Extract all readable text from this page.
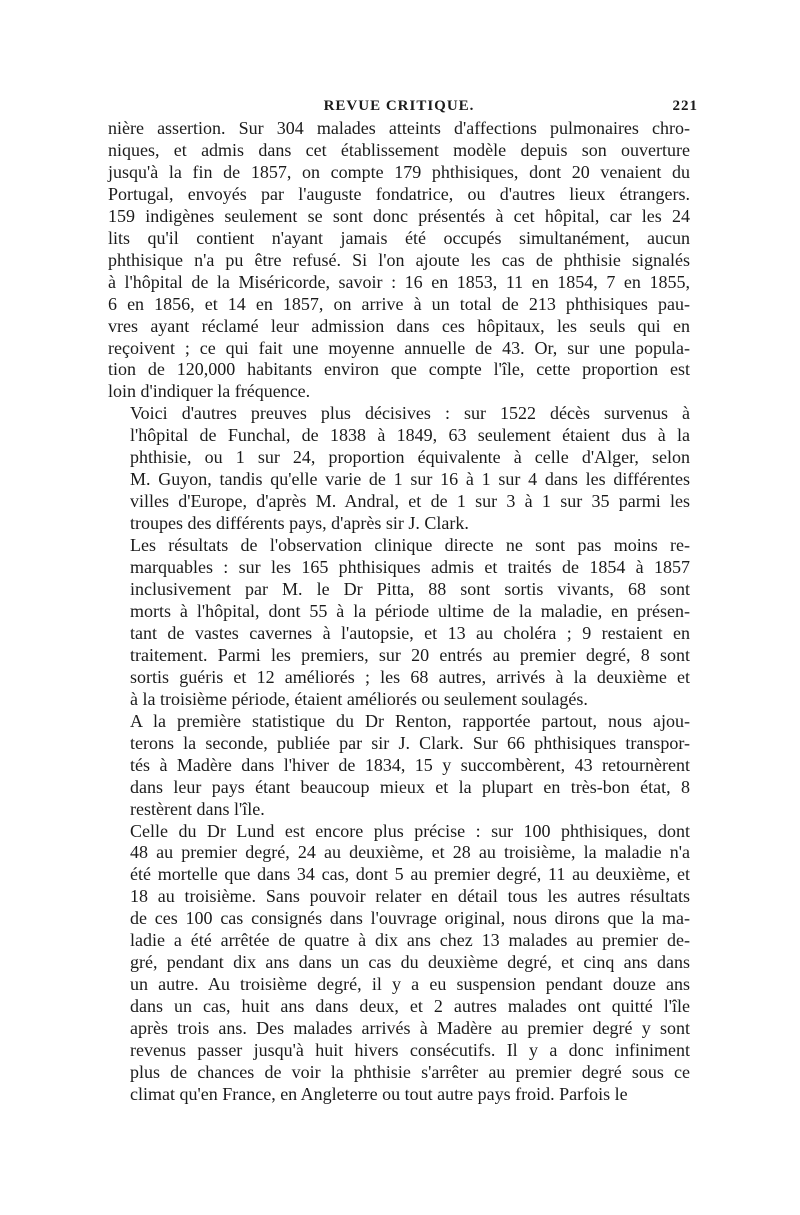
REVUE CRITIQUE.	221

nière assertion. Sur 304 malades atteints d'affections pulmonaires chro-
niques, et admis dans cet établissement modèle depuis son ouverture
jusqu'à la fin de 1857, on compte 179 phthisiques, dont 20 venaient du
Portugal, envoyés par l'auguste fondatrice, ou d'autres lieux étrangers.
159 indigènes seulement se sont donc présentés à cet hôpital, car les 24
lits qu'il contient n'ayant jamais été occupés simultanément, aucun
phthisique n'a pu être refusé. Si l'on ajoute les cas de phthisie signalés
à l'hôpital de la Miséricorde, savoir : 16 en 1853, 11 en 1854, 7 en 1855,
6 en 1856, et 14 en 1857, on arrive à un total de 213 phthisiques pau-
vres ayant réclamé leur admission dans ces hôpitaux, les seuls qui en
reçoivent ; ce qui fait une moyenne annuelle de 43. Or, sur une popula-
tion de 120,000 habitants environ que compte l'île, cette proportion est
loin d'indiquer la fréquence.

Voici d'autres preuves plus décisives : sur 1522 décès survenus à
l'hôpital de Funchal, de 1838 à 1849, 63 seulement étaient dus à la
phthisie, ou 1 sur 24, proportion équivalente à celle d'Alger, selon
M. Guyon, tandis qu'elle varie de 1 sur 16 à 1 sur 4 dans les différentes
villes d'Europe, d'après M. Andral, et de 1 sur 3 à 1 sur 35 parmi les
troupes des différents pays, d'après sir J. Clark.

Les résultats de l'observation clinique directe ne sont pas moins re-
marquables : sur les 165 phthisiques admis et traités de 1854 à 1857
inclusivement par M. le Dr Pitta, 88 sont sortis vivants, 68 sont
morts à l'hôpital, dont 55 à la période ultime de la maladie, en présen-
tant de vastes cavernes à l'autopsie, et 13 au choléra ; 9 restaient en
traitement. Parmi les premiers, sur 20 entrés au premier degré, 8 sont
sortis guéris et 12 améliorés ; les 68 autres, arrivés à la deuxième et
à la troisième période, étaient améliorés ou seulement soulagés.

A la première statistique du Dr Renton, rapportée partout, nous ajou-
terons la seconde, publiée par sir J. Clark. Sur 66 phthisiques transpor-
tés à Madère dans l'hiver de 1834, 15 y succombèrent, 43 retournèrent
dans leur pays étant beaucoup mieux et la plupart en très-bon état, 8
restèrent dans l'île.

Celle du Dr Lund est encore plus précise : sur 100 phthisiques, dont
48 au premier degré, 24 au deuxième, et 28 au troisième, la maladie n'a
été mortelle que dans 34 cas, dont 5 au premier degré, 11 au deuxième, et
18 au troisième. Sans pouvoir relater en détail tous les autres résultats
de ces 100 cas consignés dans l'ouvrage original, nous dirons que la ma-
ladie a été arrêtée de quatre à dix ans chez 13 malades au premier de-
gré, pendant dix ans dans un cas du deuxième degré, et cinq ans dans
un autre. Au troisième degré, il y a eu suspension pendant douze ans
dans un cas, huit ans dans deux, et 2 autres malades ont quitté l'île
après trois ans. Des malades arrivés à Madère au premier degré y sont
revenus passer jusqu'à huit hivers consécutifs. Il y a donc infiniment
plus de chances de voir la phthisie s'arrêter au premier degré sous ce
climat qu'en France, en Angleterre ou tout autre pays froid. Parfois le
